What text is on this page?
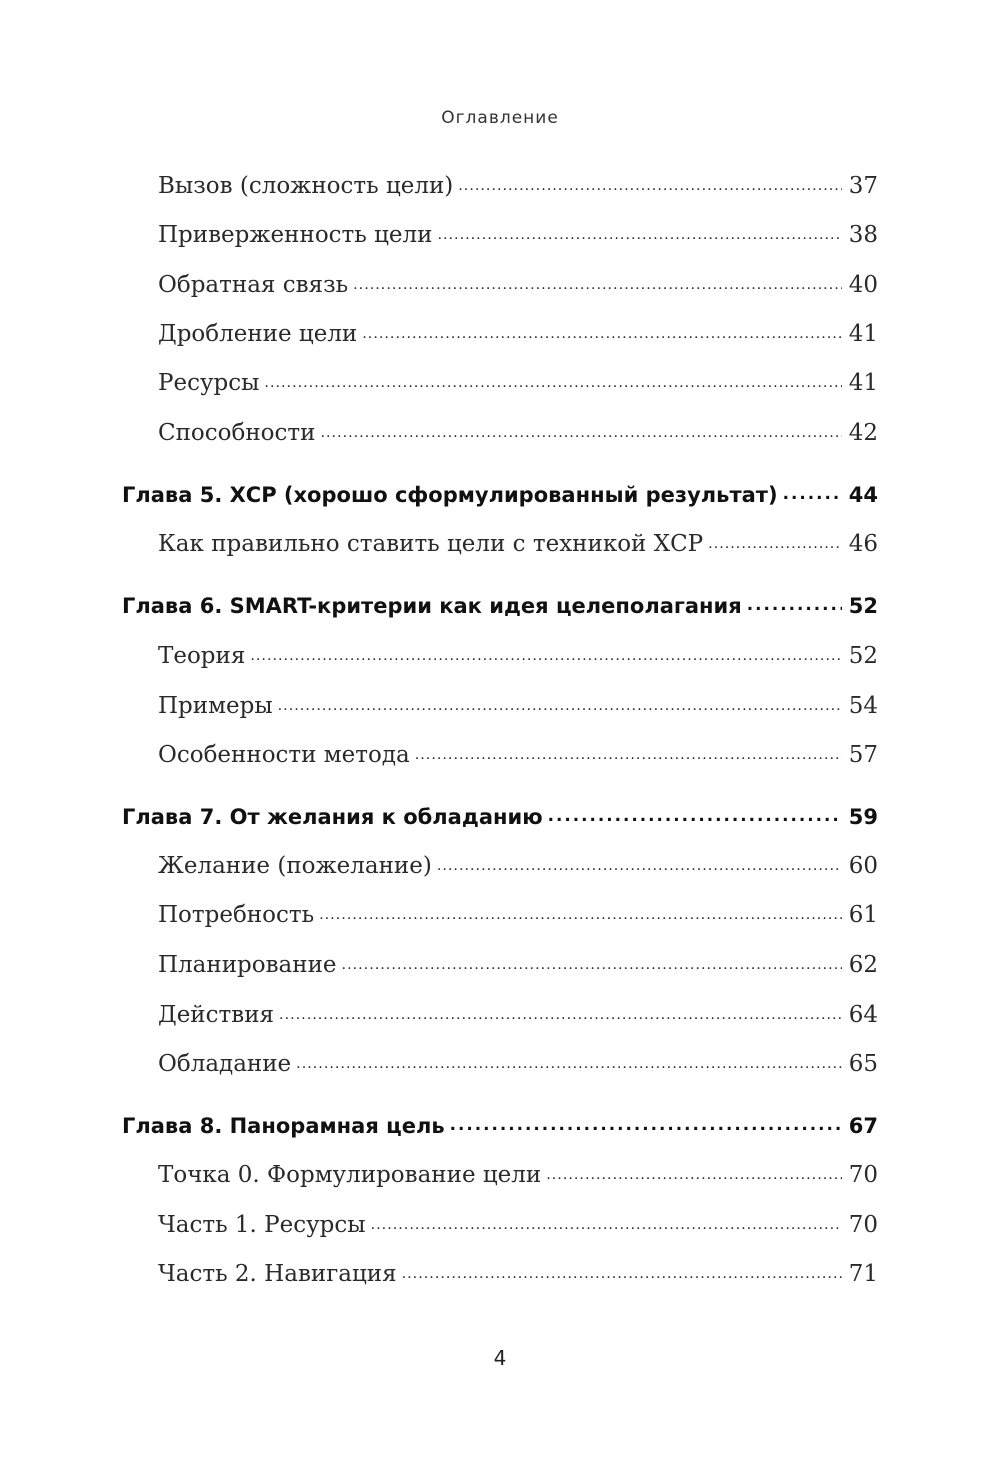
Оглавление
Вызов (сложность цели) .....	37
Приверженность цели .....	38
Обратная связь .....	40
Дробление цели .....	41
Ресурсы .....	41
Способности .....	42
Глава 5. ХСР (хорошо сформулированный результат) .....	44
Как правильно ставить цели с техникой ХСР .....	46
Глава 6. SMART-критерии как идея целеполагания .....	52
Теория .....	52
Примеры .....	54
Особенности метода .....	57
Глава 7. От желания к обладанию .....	59
Желание (пожелание) .....	60
Потребность .....	61
Планирование .....	62
Действия .....	64
Обладание .....	65
Глава 8. Панорамная цель .....	67
Точка 0. Формулирование цели .....	70
Часть 1. Ресурсы .....	70
Часть 2. Навигация .....	71
4
